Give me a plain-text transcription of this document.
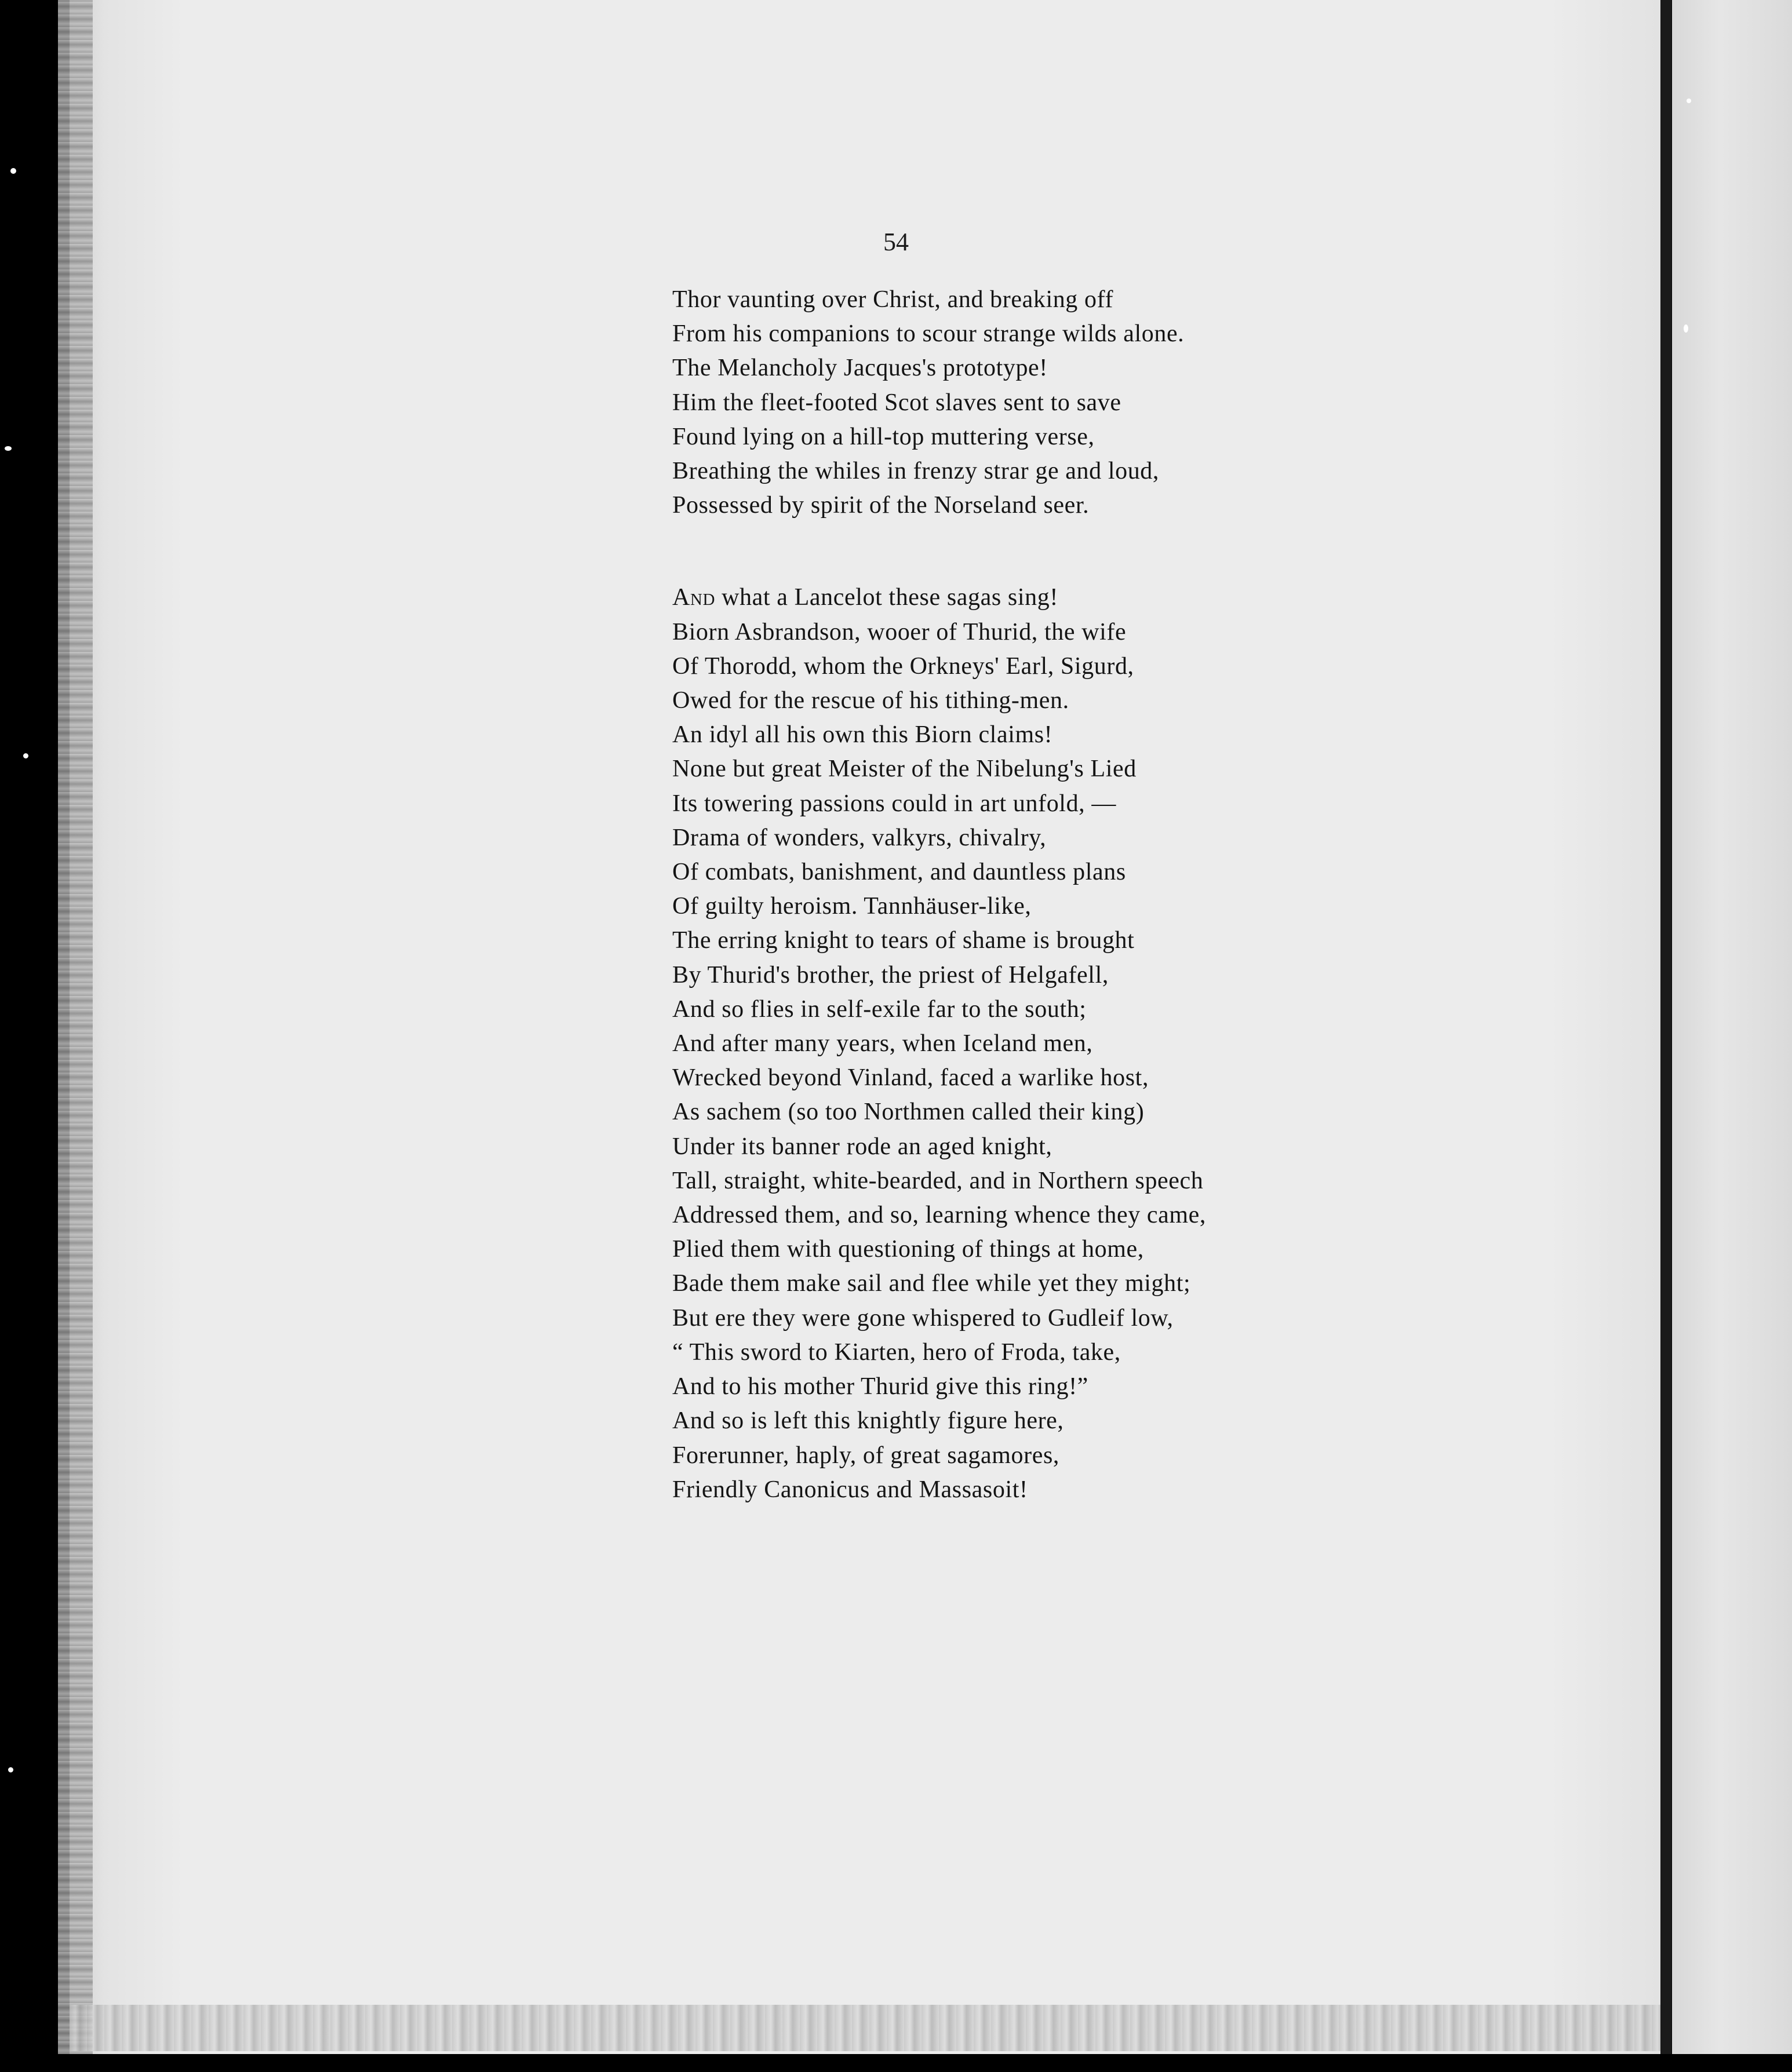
54

Thor vaunting over Christ, and breaking off
From his companions to scour strange wilds alone.
The Melancholy Jacques's prototype!
Him the fleet-footed Scot slaves sent to save
Found lying on a hill-top muttering verse,
Breathing the whiles in frenzy strar ge and loud,
Possessed by spirit of the Norseland seer.

And what a Lancelot these sagas sing!
Biorn Asbrandson, wooer of Thurid, the wife
Of Thorodd, whom the Orkneys' Earl, Sigurd,
Owed for the rescue of his tithing-men.
An idyl all his own this Biorn claims!
None but great Meister of the Nibelung's Lied
Its towering passions could in art unfold, —
Drama of wonders, valkyrs, chivalry,
Of combats, banishment, and dauntless plans
Of guilty heroism. Tannhäuser-like,
The erring knight to tears of shame is brought
By Thurid's brother, the priest of Helgafell,
And so flies in self-exile far to the south;
And after many years, when Iceland men,
Wrecked beyond Vinland, faced a warlike host,
As sachem (so too Northmen called their king)
Under its banner rode an aged knight,
Tall, straight, white-bearded, and in Northern speech
Addressed them, and so, learning whence they came,
Plied them with questioning of things at home,
Bade them make sail and flee while yet they might;
But ere they were gone whispered to Gudleif low,
“ This sword to Kiarten, hero of Froda, take,
And to his mother Thurid give this ring!”
And so is left this knightly figure here,
Forerunner, haply, of great sagamores,
Friendly Canonicus and Massasoit!
